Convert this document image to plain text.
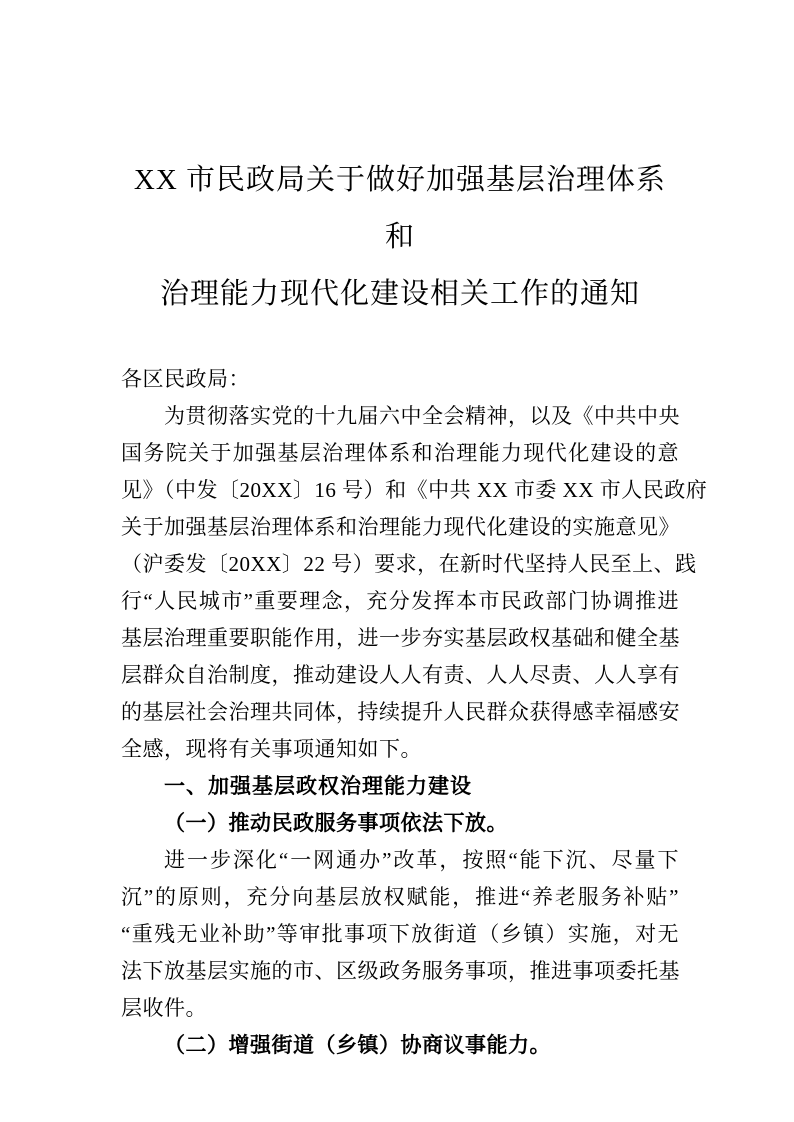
XX 市民政局关于做好加强基层治理体系和
治理能力现代化建设相关工作的通知
各区民政局：
为贯彻落实党的十九届六中全会精神，以及《中共中央
国务院关于加强基层治理体系和治理能力现代化建设的意
见》（中发〔20XX〕16 号）和《中共 XX 市委 XX 市人民政府
关于加强基层治理体系和治理能力现代化建设的实施意见》
（沪委发〔20XX〕22 号）要求，在新时代坚持人民至上、践
行“人民城市”重要理念，充分发挥本市民政部门协调推进
基层治理重要职能作用，进一步夯实基层政权基础和健全基
层群众自治制度，推动建设人人有责、人人尽责、人人享有
的基层社会治理共同体，持续提升人民群众获得感幸福感安
全感，现将有关事项通知如下。
一、加强基层政权治理能力建设
（一）推动民政服务事项依法下放。
进一步深化“一网通办”改革，按照“能下沉、尽量下
沉”的原则，充分向基层放权赋能，推进“养老服务补贴”
“重残无业补助”等审批事项下放街道（乡镇）实施，对无
法下放基层实施的市、区级政务服务事项，推进事项委托基
层收件。
（二）增强街道（乡镇）协商议事能力。
